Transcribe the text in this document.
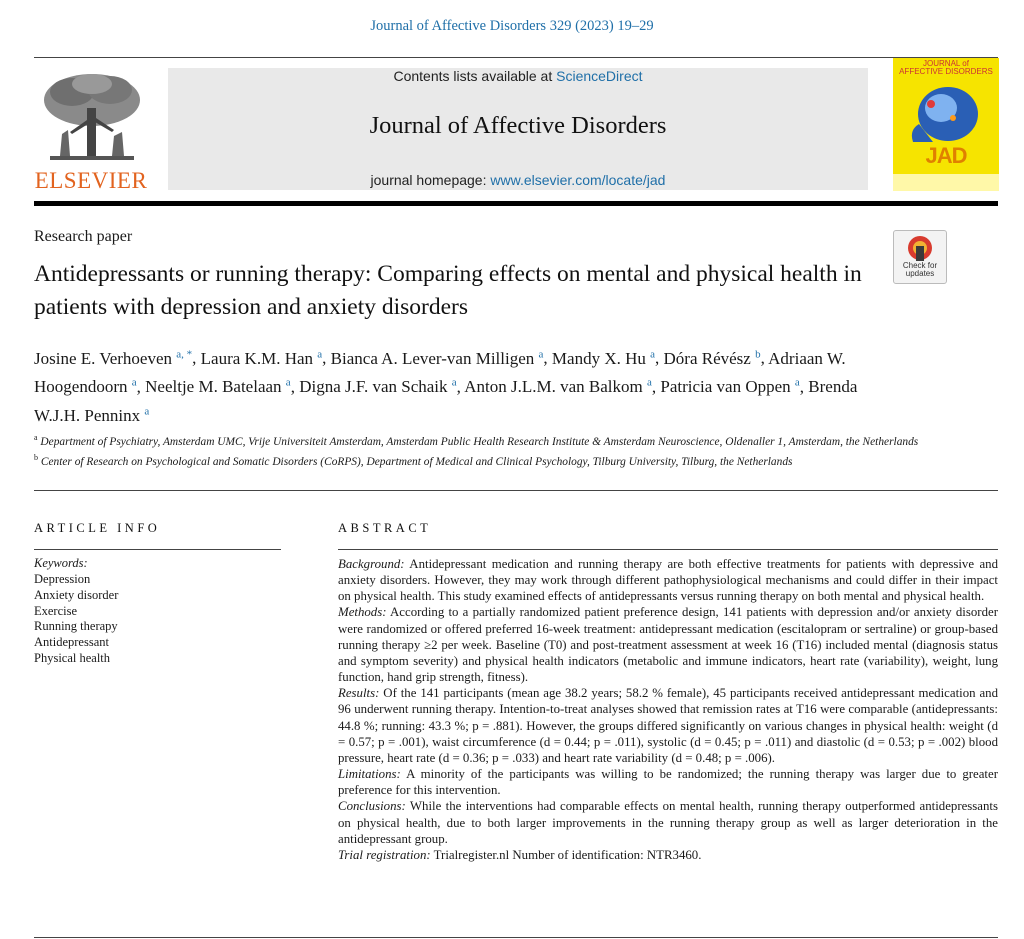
Journal of Affective Disorders 329 (2023) 19–29
ELSEVIER
Contents lists available at ScienceDirect
Journal of Affective Disorders
journal homepage: www.elsevier.com/locate/jad
JOURNAL of
AFFECTIVE DISORDERS
JAD
Research paper
Antidepressants or running therapy: Comparing effects on mental and physical health in patients with depression and anxiety disorders
Check for updates
Josine E. Verhoeven $^{a, *}$, Laura K.M. Han $^a$, Bianca A. Lever-van Milligen $^a$, Mandy X. Hu $^a$, Dóra Révész $^b$, Adriaan W. Hoogendoorn $^a$, Neeltje M. Batelaan $^a$, Digna J.F. van Schaik $^a$, Anton J.L.M. van Balkom $^a$, Patricia van Oppen $^a$, Brenda W.J.H. Penninx $^a$
$^a$ Department of Psychiatry, Amsterdam UMC, Vrije Universiteit Amsterdam, Amsterdam Public Health Research Institute & Amsterdam Neuroscience, Oldenaller 1, Amsterdam, the Netherlands
$^b$ Center of Research on Psychological and Somatic Disorders (CoRPS), Department of Medical and Clinical Psychology, Tilburg University, Tilburg, the Netherlands
ARTICLE INFO	ABSTRACT
Keywords:
Depression
Anxiety disorder
Exercise
Running therapy
Antidepressant
Physical health

Background: Antidepressant medication and running therapy are both effective treatments for patients with depressive and anxiety disorders. However, they may work through different pathophysiological mechanisms and could differ in their impact on physical health. This study examined effects of antidepressants versus running therapy on both mental and physical health.

Methods: According to a partially randomized patient preference design, 141 patients with depression and/or anxiety disorder were randomized or offered preferred 16-week treatment: antidepressant medication (escitalopram or sertraline) or group-based running therapy ≥2 per week. Baseline (T0) and post-treatment assessment at week 16 (T16) included mental (diagnosis status and symptom severity) and physical health indicators (metabolic and immune indicators, heart rate (variability), weight, lung function, hand grip strength, fitness).

Results: Of the 141 participants (mean age 38.2 years; 58.2 % female), 45 participants received antidepressant medication and 96 underwent running therapy. Intention-to-treat analyses showed that remission rates at T16 were comparable (antidepressants: 44.8 %; running: 43.3 %; p = .881). However, the groups differed significantly on various changes in physical health: weight (d = 0.57; p = .001), waist circumference (d = 0.44; p = .011), systolic (d = 0.45; p = .011) and diastolic (d = 0.53; p = .002) blood pressure, heart rate (d = 0.36; p = .033) and heart rate variability (d = 0.48; p = .006).

Limitations: A minority of the participants was willing to be randomized; the running therapy was larger due to greater preference for this intervention.

Conclusions: While the interventions had comparable effects on mental health, running therapy outperformed antidepressants on physical health, due to both larger improvements in the running therapy group as well as larger deterioration in the antidepressant group.

Trial registration: Trialregister.nl Number of identification: NTR3460.
